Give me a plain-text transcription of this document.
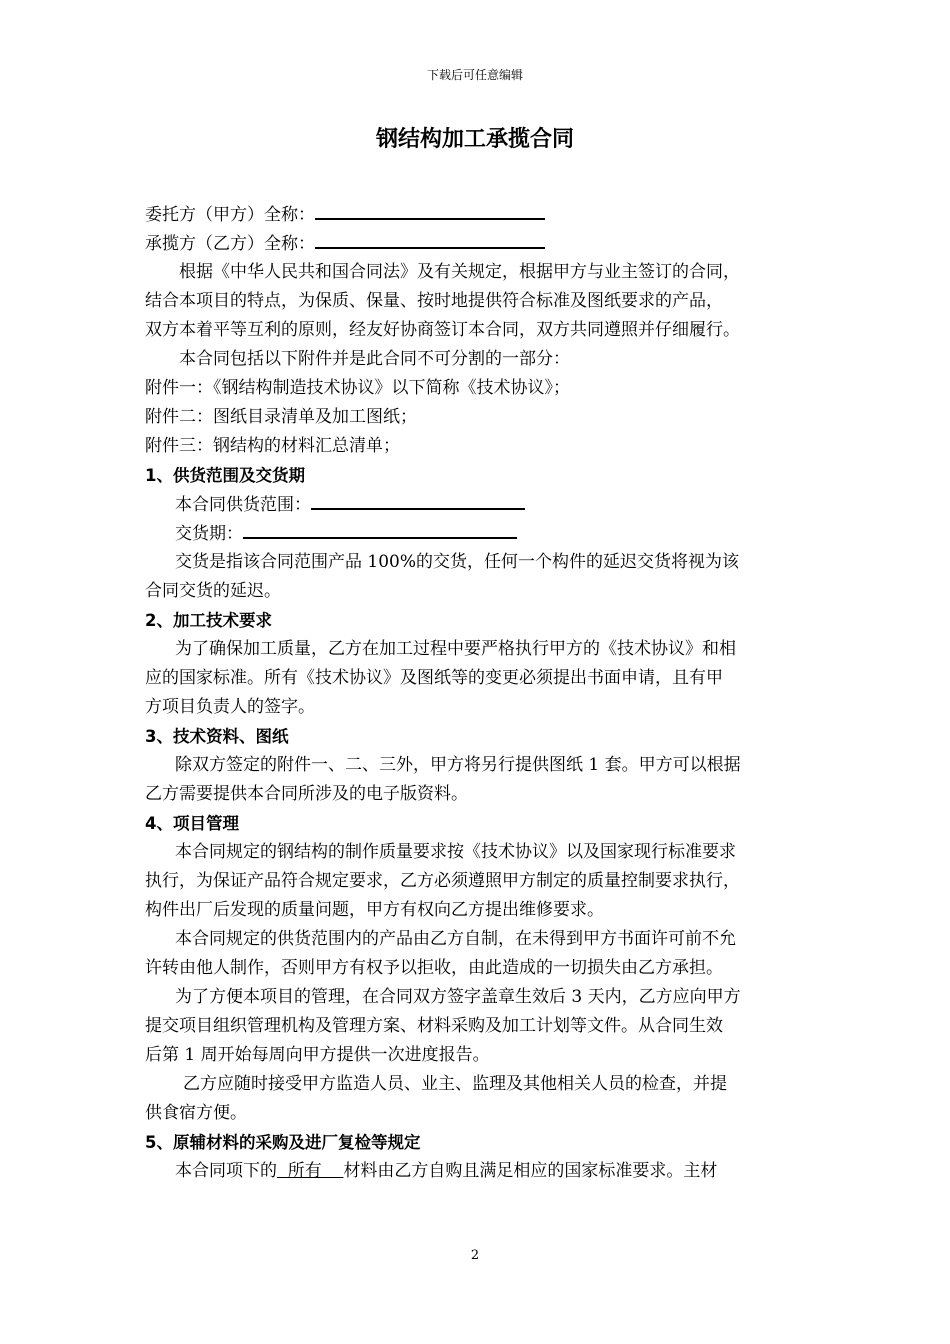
下载后可任意编辑
钢结构加工承揽合同
委托方（甲方）全称：
承揽方（乙方）全称：
根据《中华人民共和国合同法》及有关规定，根据甲方与业主签订的合同，
结合本项目的特点，为保质、保量、按时地提供符合标准及图纸要求的产品，
双方本着平等互利的原则，经友好协商签订本合同，双方共同遵照并仔细履行。
本合同包括以下附件并是此合同不可分割的一部分：
附件一：《钢结构制造技术协议》以下简称《技术协议》；
附件二：图纸目录清单及加工图纸；
附件三：钢结构的材料汇总清单；
1、供货范围及交货期
本合同供货范围：
交货期：
交货是指该合同范围产品 100%的交货，任何一个构件的延迟交货将视为该
合同交货的延迟。
2、加工技术要求
为了确保加工质量，乙方在加工过程中要严格执行甲方的《技术协议》和相
应的国家标准。所有《技术协议》及图纸等的变更必须提出书面申请，且有甲
方项目负责人的签字。
3、技术资料、图纸
除双方签定的附件一、二、三外，甲方将另行提供图纸 1 套。甲方可以根据
乙方需要提供本合同所涉及的电子版资料。
4、项目管理
本合同规定的钢结构的制作质量要求按《技术协议》以及国家现行标准要求
执行，为保证产品符合规定要求，乙方必须遵照甲方制定的质量控制要求执行，
构件出厂后发现的质量问题，甲方有权向乙方提出维修要求。
本合同规定的供货范围内的产品由乙方自制，在未得到甲方书面许可前不允
许转由他人制作，否则甲方有权予以拒收，由此造成的一切损失由乙方承担。
为了方便本项目的管理，在合同双方签字盖章生效后 3 天内，乙方应向甲方
提交项目组织管理机构及管理方案、材料采购及加工计划等文件。从合同生效
后第 1 周开始每周向甲方提供一次进度报告。
乙方应随时接受甲方监造人员、业主、监理及其他相关人员的检查，并提
供食宿方便。
5、原辅材料的采购及进厂复检等规定
本合同项下的  所有    材料由乙方自购且满足相应的国家标准要求。主材
2
